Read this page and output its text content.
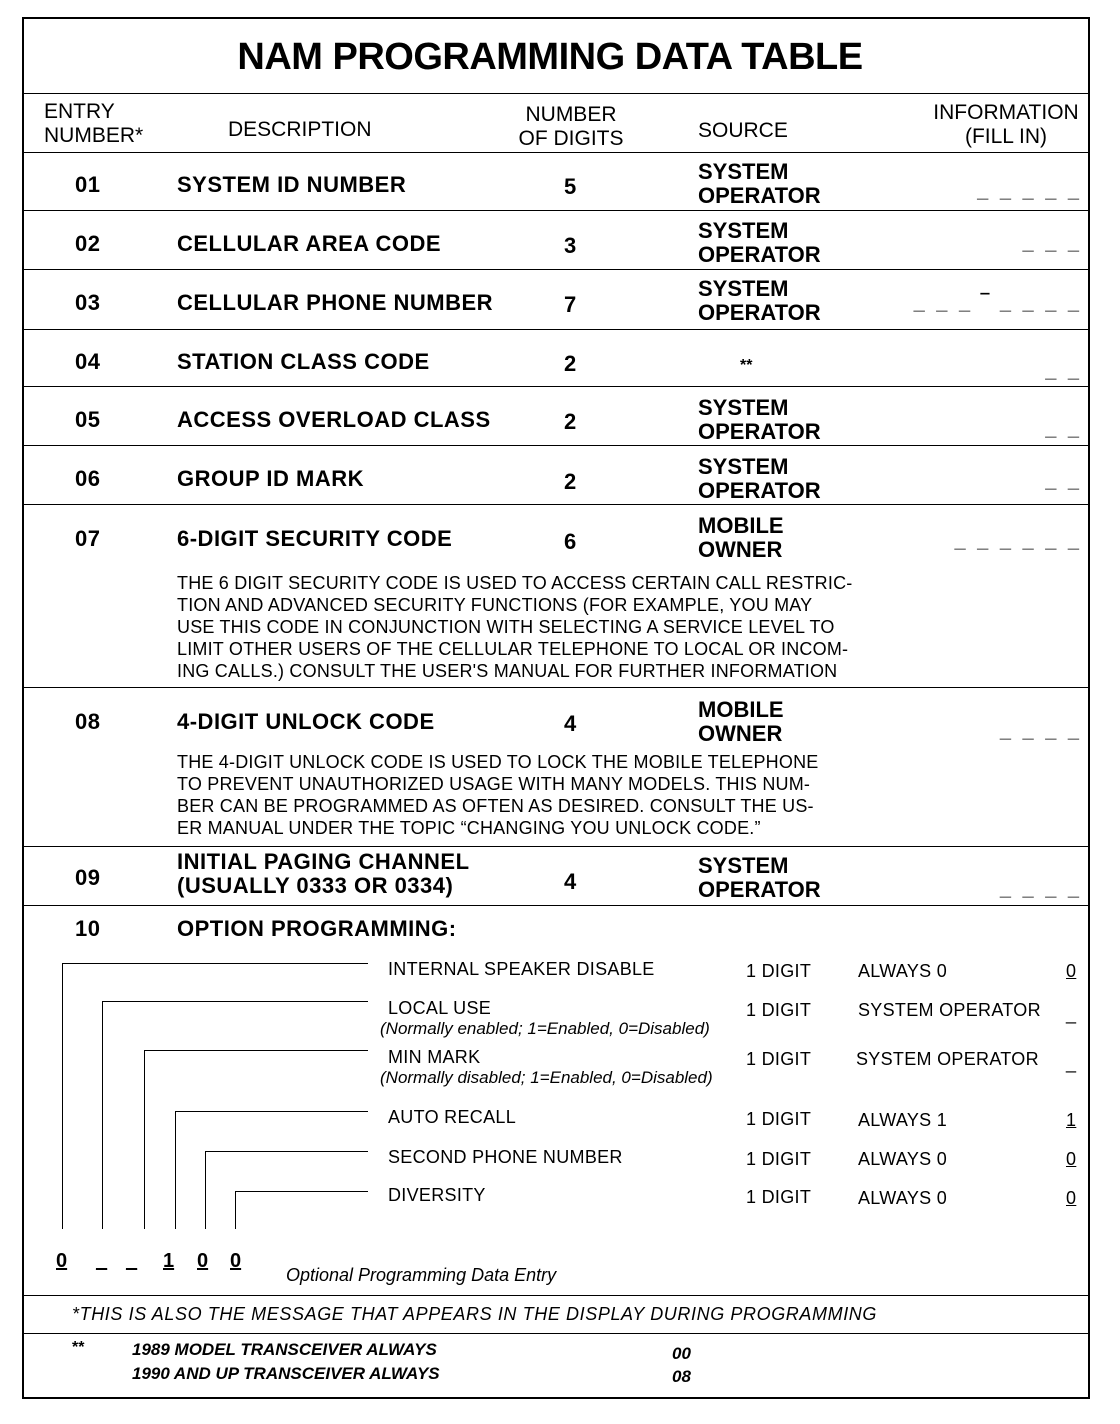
NAM PROGRAMMING DATA TABLE
ENTRY
NUMBER*	DESCRIPTION
NUMBER
OF DIGITS	SOURCE
INFORMATION
(FILL IN)
01	SYSTEM ID NUMBER	5
SYSTEM
OPERATOR	_ _ _ _ _
02	CELLULAR AREA CODE	3
SYSTEM
OPERATOR	_ _ _
03	CELLULAR PHONE NUMBER	7
SYSTEM
OPERATOR	_ _ _ ‾ _ _ _ _
04	STATION CLASS CODE	2	**	_ _
05	ACCESS OVERLOAD CLASS	2
SYSTEM
OPERATOR	_ _
06	GROUP ID MARK	2
SYSTEM
OPERATOR	_ _
07	6-DIGIT SECURITY CODE	6
MOBILE
OWNER	_ _ _ _ _ _
THE 6 DIGIT SECURITY CODE IS USED TO ACCESS CERTAIN CALL RESTRIC-
TION AND ADVANCED SECURITY FUNCTIONS (FOR EXAMPLE, YOU MAY
USE THIS CODE IN CONJUNCTION WITH SELECTING A SERVICE LEVEL TO
LIMIT OTHER USERS OF THE CELLULAR TELEPHONE TO LOCAL OR INCOM-
ING CALLS.) CONSULT THE USER'S MANUAL FOR FURTHER INFORMATION
08	4-DIGIT UNLOCK CODE	4
MOBILE
OWNER	_ _ _ _
THE 4-DIGIT UNLOCK CODE IS USED TO LOCK THE MOBILE TELEPHONE
TO PREVENT UNAUTHORIZED USAGE WITH MANY MODELS. THIS NUM-
BER CAN BE PROGRAMMED AS OFTEN AS DESIRED. CONSULT THE US-
ER MANUAL UNDER THE TOPIC “CHANGING YOU UNLOCK CODE.”
09
INITIAL PAGING CHANNEL
(USUALLY 0333 OR 0334)	4
SYSTEM
OPERATOR	_ _ _ _
10	OPTION PROGRAMMING:
INTERNAL SPEAKER DISABLE	1 DIGIT	ALWAYS 0	0
LOCAL USE
(Normally enabled; 1=Enabled, 0=Disabled)
1 DIGIT	SYSTEM OPERATOR _
MIN MARK
(Normally disabled; 1=Enabled, 0=Disabled)
1 DIGIT SYSTEM OPERATOR _
AUTO RECALL	1 DIGIT	ALWAYS 1	1
SECOND PHONE NUMBER	1 DIGIT	ALWAYS 0	0
DIVERSITY	1 DIGIT	ALWAYS 0	0
0 _ _ 1 0 0
Optional Programming Data Entry
*THIS IS ALSO THE MESSAGE THAT APPEARS IN THE DISPLAY DURING PROGRAMMING
**	1989 MODEL TRANSCEIVER ALWAYS	00
1990 AND UP TRANSCEIVER ALWAYS	08
